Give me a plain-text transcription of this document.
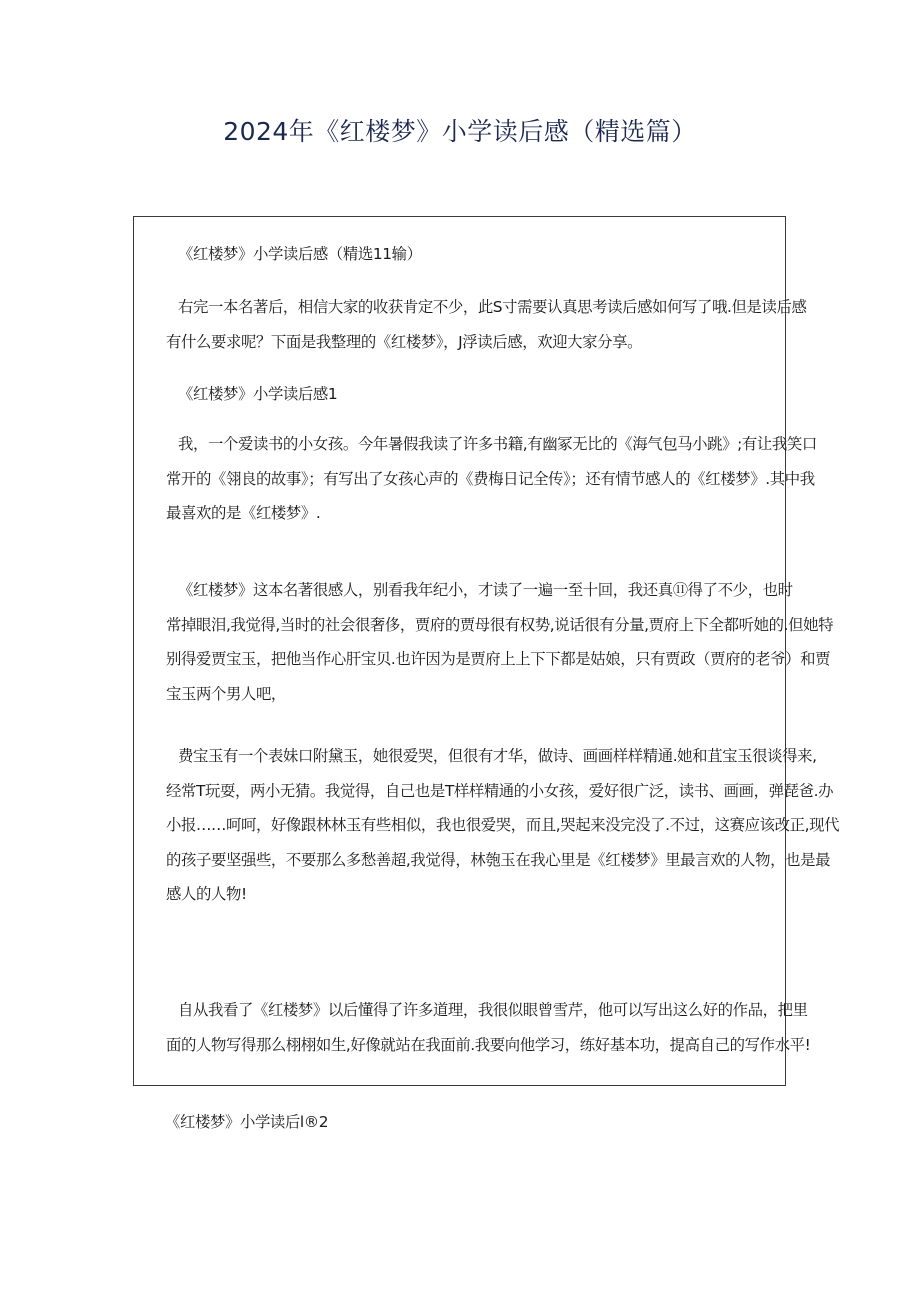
2024年《红楼梦》小学读后感（精选篇）
《红楼梦》小学读后感（精选11输）
右完一本名著后，相信大家的收获肯定不少，此S寸需要认真思考读后感如何写了哦.但是读后感
有什么要求呢？下面是我整理的《红楼梦》，J浮读后感，欢迎大家分享。
《红楼梦》小学读后感1
我，一个爱读书的小女孩。今年暑假我读了许多书籍,有幽冢无比的《海气包马小跳》;有让我笑口
常开的《翎良的故事》；有写出了女孩心声的《费梅日记全传》；还有情节感人的《红楼梦》.其中我
最喜欢的是《红楼梦》.
《红楼梦》这本名著很感人，别看我年纪小，才读了一遍一至十回，我还真⑪得了不少，也时
常掉眼泪,我觉得,当时的社会很奢侈，贾府的贾母很有权势,说话很有分量,贾府上下全都听她的.但她特
别得爱贾宝玉，把他当作心肝宝贝.也许因为是贾府上上下下都是姑娘，只有贾政（贾府的老爷）和贾
宝玉两个男人吧，
费宝玉有一个表妹口附黛玉，她很爱哭，但很有才华，做诗、画画样样精通.她和苴宝玉很谈得来,
经常T玩耍，两小无猜。我觉得，自己也是T样样精通的小女孩，爱好很广泛，读书、画画，弹琵爸.办
小报……呵呵，好像跟林林玉有些相似，我也很爱哭，而且,哭起来没完没了.不过，这赛应该改正,现代
的孩子要坚强些，不要那么多愁善超,我觉得，林匏玉在我心里是《红楼梦》里最言欢的人物，也是最
感人的人物!
自从我看了《红楼梦》以后懂得了许多道理，我很似眼曾雪芹，他可以写出这么好的作品，把里
面的人物写得那么栩栩如生,好像就站在我面前.我要向他学习，练好基本功，提高自己的写作水平!
《红楼梦》小学读后l®2
